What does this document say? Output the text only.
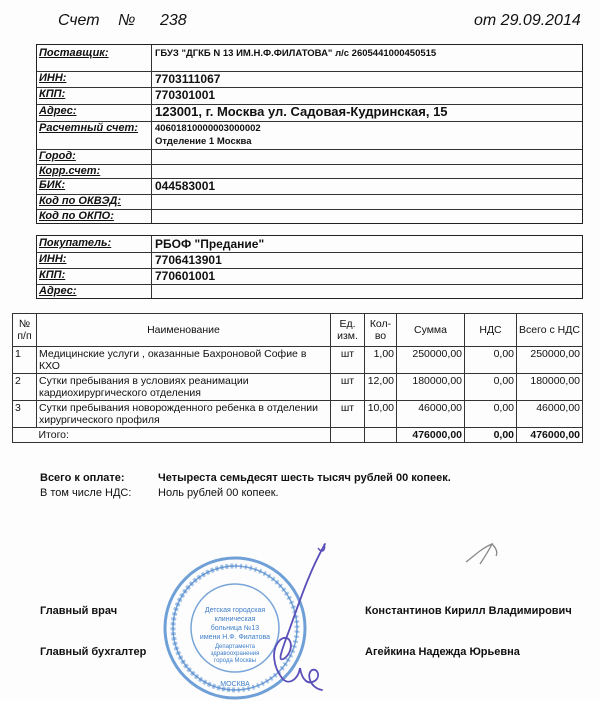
Счет № 238	от 29.09.2014
Поставщик:	ГБУЗ "ДГКБ N 13 ИМ.Н.Ф.ФИЛАТОВА" л/с 2605441000450515
ИНН:	7703111067
КПП:	770301001
Адрес:	123001, г. Москва ул. Садовая-Кудринская, 15
Расчетный счет:	40601810000003000002
Отделение 1 Москва
Город:
Корр.счет:
БИК:	044583001
Код по ОКВЭД:
Код по ОКПО:
Покупатель:	РБОФ "Предание"
ИНН:	7706413901
КПП:	770601001
Адрес:
№ п/п	Наименование	Ед. изм.	Кол-во	Сумма	НДС	Всего с НДС
1	Медицинские услуги , оказанные Бахроновой Софие в КХО	шт	1,00	250000,00	0,00	250000,00
2	Сутки пребывания в условиях реанимации кардиохирургического отделения	шт	12,00	180000,00	0,00	180000,00
3	Сутки пребывания новорожденного ребенка в отделении хирургического профиля	шт	10,00	46000,00	0,00	46000,00
	Итого:			476000,00	0,00	476000,00
Всего к оплате:	Четыреста семьдесят шесть тысяч рублей 00 копеек.
В том числе НДС: Ноль рублей 00 копеек.
Детская городская
клиническая
больница №13
имени Н.Ф. Филатова
Департамента
здравоохранения
города Москвы
МОСКВА
Главный врач	Константинов Кирилл Владимирович
Главный бухгалтер	Агейкина Надежда Юрьевна
